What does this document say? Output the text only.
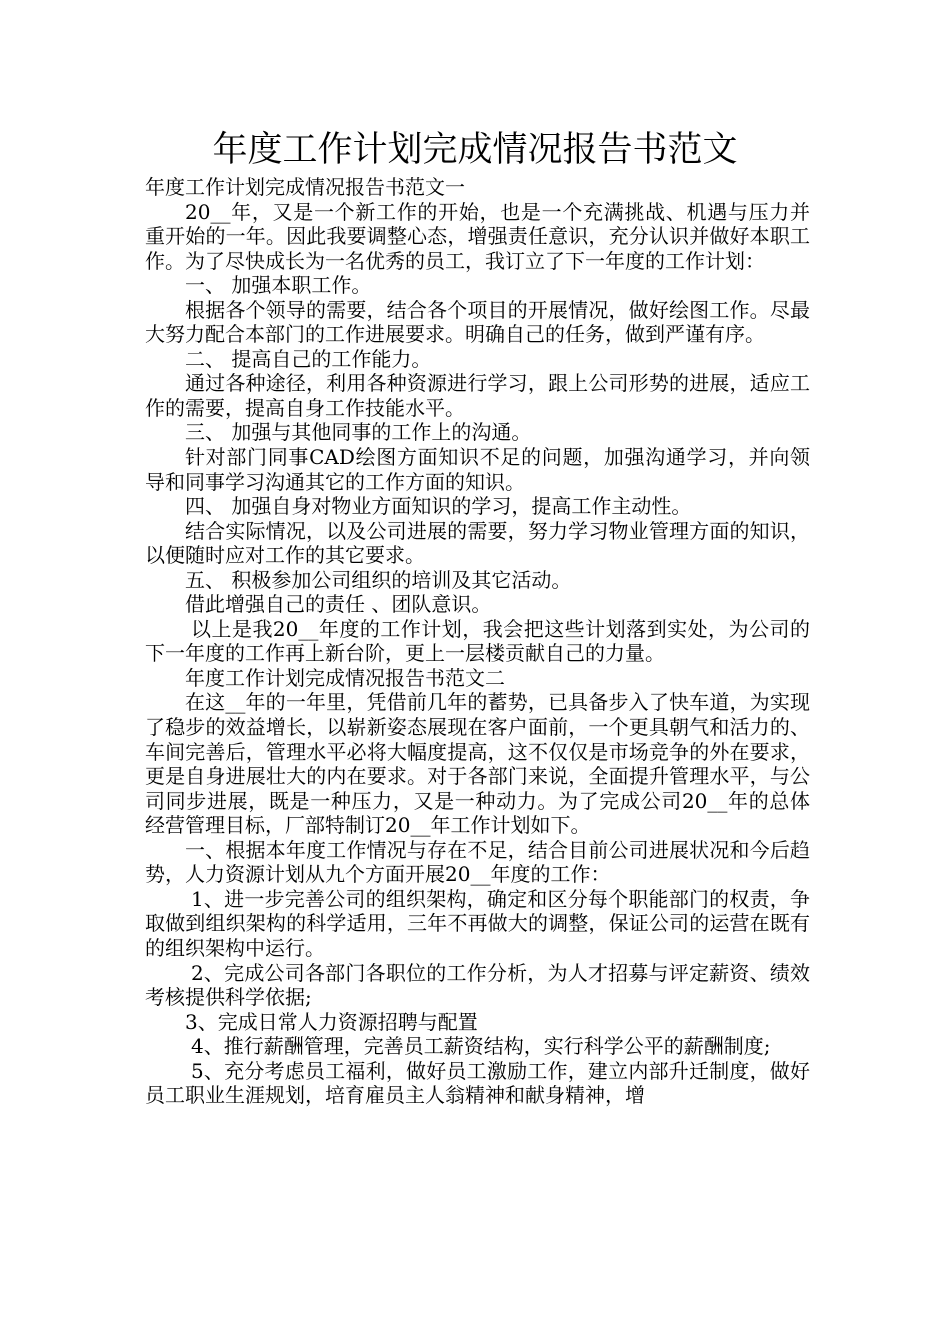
年度工作计划完成情况报告书范文

年度工作计划完成情况报告书范文一

20__年，又是一个新工作的开始，也是一个充满挑战、机遇与压力并重开始的一年。因此我要调整心态，增强责任意识，充分认识并做好本职工作。为了尽快成长为一名优秀的员工，我订立了下一年度的工作计划：

一、 加强本职工作。

根据各个领导的需要，结合各个项目的开展情况，做好绘图工作。尽最大努力配合本部门的工作进展要求。明确自己的任务，做到严谨有序。

二、 提高自己的工作能力。

通过各种途径，利用各种资源进行学习，跟上公司形势的进展，适应工作的需要，提高自身工作技能水平。

三、 加强与其他同事的工作上的沟通。

针对部门同事CAD绘图方面知识不足的问题，加强沟通学习，并向领导和同事学习沟通其它的工作方面的知识。

四、 加强自身对物业方面知识的学习，提高工作主动性。

结合实际情况，以及公司进展的需要，努力学习物业管理方面的知识，以便随时应对工作的其它要求。

五、 积极参加公司组织的培训及其它活动。

借此增强自己的责任 、团队意识。

以上是我20__年度的工作计划，我会把这些计划落到实处，为公司的下一年度的工作再上新台阶，更上一层楼贡献自己的力量。

年度工作计划完成情况报告书范文二

在这__年的一年里，凭借前几年的蓄势，已具备步入了快车道，为实现了稳步的效益增长，以崭新姿态展现在客户面前，一个更具朝气和活力的、车间完善后，管理水平必将大幅度提高，这不仅仅是市场竞争的外在要求，更是自身进展壮大的内在要求。对于各部门来说，全面提升管理水平，与公司同步进展，既是一种压力，又是一种动力。为了完成公司20__年的总体经营管理目标，厂部特制订20__年工作计划如下。

一、根据本年度工作情况与存在不足，结合目前公司进展状况和今后趋势，人力资源计划从九个方面开展20__年度的工作：

1、进一步完善公司的组织架构，确定和区分每个职能部门的权责，争取做到组织架构的科学适用，三年不再做大的调整，保证公司的运营在既有的组织架构中运行。

2、完成公司各部门各职位的工作分析，为人才招募与评定薪资、绩效考核提供科学依据;

3、完成日常人力资源招聘与配置

4、推行薪酬管理，完善员工薪资结构，实行科学公平的薪酬制度;

5、充分考虑员工福利，做好员工激励工作，建立内部升迁制度，做好员工职业生涯规划，培育雇员主人翁精神和献身精神，增
